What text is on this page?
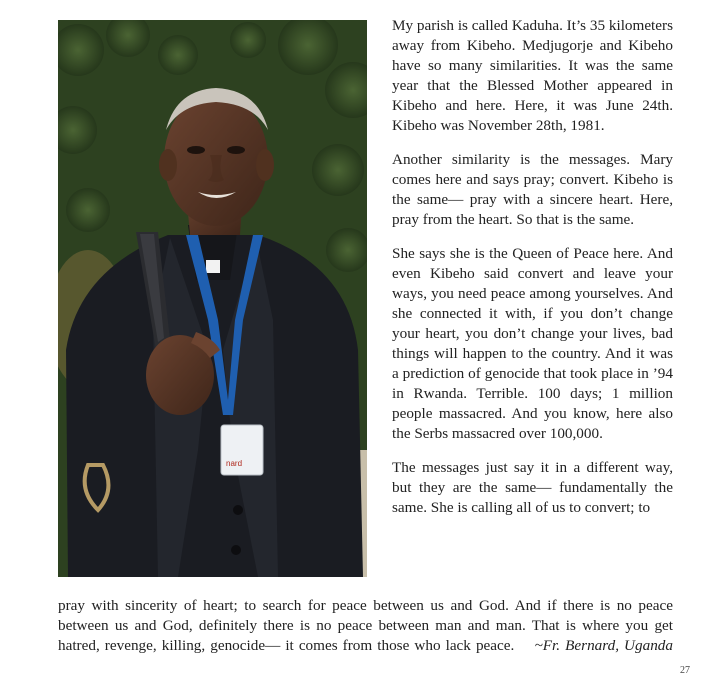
nard

My parish is called Kaduha. It’s 35 kilometers away from Kibeho. Medjugorje and Kibeho have so many similarities. It was the same year that the Blessed Mother appeared in Kibeho and here. Here, it was June 24th. Kibeho was November 28th, 1981.

Another similarity is the messages. Mary comes here and says pray; convert. Kibeho is the same— pray with a sincere heart. Here, pray from the heart. So that is the same.

She says she is the Queen of Peace here. And even Kibeho said convert and leave your ways, you need peace among yourselves. And she connected it with, if you don’t change your heart, you don’t change your lives, bad things will happen to the country. And it was a prediction of genocide that took place in ’94 in Rwanda. Terrible. 100 days; 1 million people massacred. And you know, here also the Serbs massacred over 100,000.

The messages just say it in a different way, but they are the same— fundamentally the same. She is calling all of us to convert; to

pray with sincerity of heart; to search for peace between us and God. And if there is no peace between us and God, definitely there is no peace between man and man. That is where you get hatred, revenge, killing, genocide— it comes from those who lack peace. ~Fr. Bernard, Uganda
27
